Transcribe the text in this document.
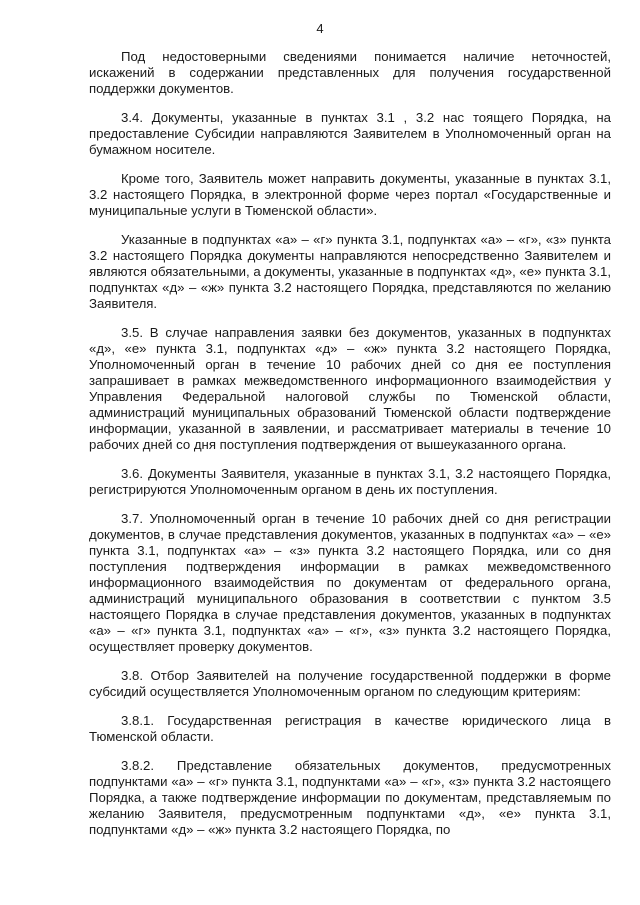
4

Под недостоверными сведениями понимается наличие неточностей, искажений в содержании представленных для получения государственной поддержки документов.

3.4. Документы, указанные в пунктах 3.1 , 3.2 нас тоящего Порядка, на предоставление Субсидии направляются Заявителем в Уполномоченный орган на бумажном носителе.

Кроме того, Заявитель может направить документы, указанные в пунктах 3.1, 3.2 настоящего Порядка, в электронной форме через портал «Государственные и муниципальные услуги в Тюменской области».

Указанные в подпунктах «а» – «г» пункта 3.1, подпунктах «а» – «г», «з» пункта 3.2 настоящего Порядка документы направляются непосредственно Заявителем и являются обязательными, а документы, указанные в подпунктах «д», «е» пункта 3.1, подпунктах «д» – «ж» пункта 3.2 настоящего Порядка, представляются по желанию Заявителя.

3.5. В случае направления заявки без документов, указанных в подпунктах «д», «е» пункта 3.1, подпунктах «д» – «ж» пункта 3.2 настоящего Порядка, Уполномоченный орган в течение 10 рабочих дней со дня ее поступления запрашивает в рамках межведомственного информационного взаимодействия у Управления Федеральной налоговой службы по Тюменской области, администраций муниципальных образований Тюменской области подтверждение информации, указанной в заявлении, и рассматривает материалы в течение 10 рабочих дней со дня поступления подтверждения от вышеуказанного органа.

3.6. Документы Заявителя, указанные в пунктах 3.1, 3.2 настоящего Порядка, регистрируются Уполномоченным органом в день их поступления.

3.7. Уполномоченный орган в течение 10 рабочих дней со дня регистрации документов, в случае представления документов, указанных в подпунктах «а» – «е» пункта 3.1, подпунктах «а» – «з» пункта 3.2 настоящего Порядка, или со дня поступления подтверждения информации в рамках межведомственного информационного взаимодействия по документам от федерального органа, администраций муниципального образования в соответствии с пунктом 3.5 настоящего Порядка в случае представления документов, указанных в подпунктах «а» – «г» пункта 3.1, подпунктах «а» – «г», «з» пункта 3.2 настоящего Порядка, осуществляет проверку документов.

3.8. Отбор Заявителей на получение государственной поддержки в форме субсидий осуществляется Уполномоченным органом по следующим критериям:

3.8.1. Государственная регистрация в качестве юридического лица в Тюменской области.

3.8.2. Представление обязательных документов, предусмотренных подпунктами «а» – «г» пункта 3.1, подпунктами «а» – «г», «з» пункта 3.2 настоящего Порядка, а также подтверждение информации по документам, представляемым по желанию Заявителя, предусмотренным подпунктами «д», «е» пункта 3.1, подпунктами «д» – «ж» пункта 3.2 настоящего Порядка, по
